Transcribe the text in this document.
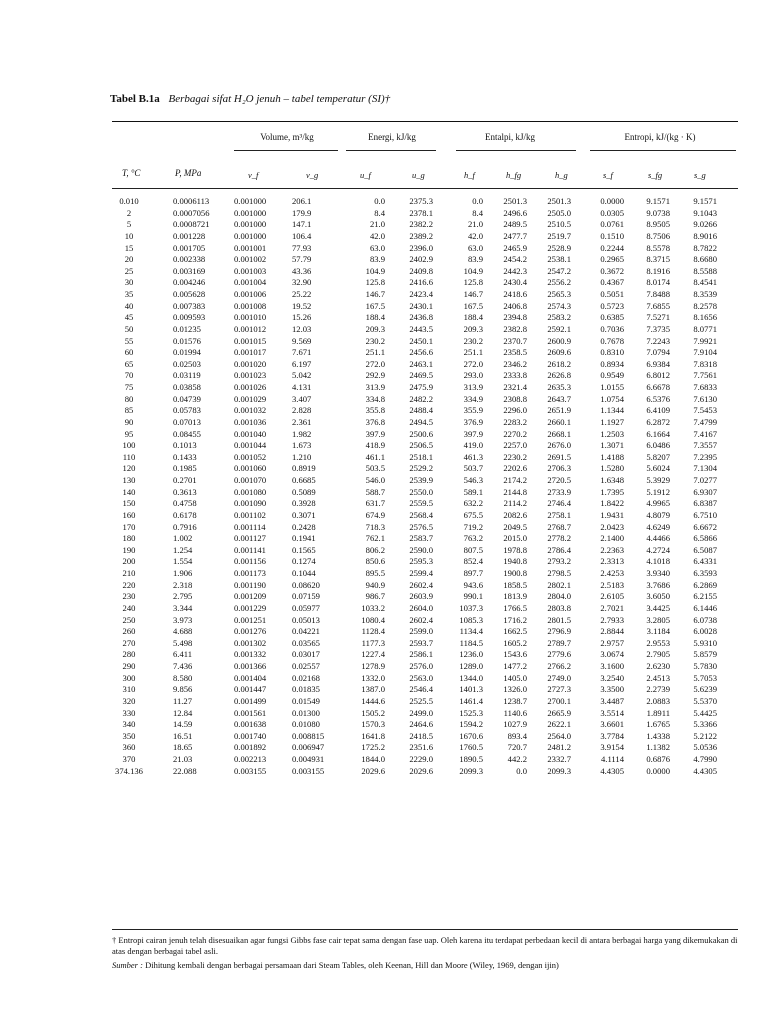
Tabel B.1a Berbagai sifat H₂O jenuh – tabel temperatur (SI)†
Volume, m³/kg	Energi, kJ/kg	Entalpi, kJ/kg	Entropi, kJ/(kg · K)
T, °C	P, MPa	v_f	v_g	u_f	u_g	h_f	h_fg	h_g	s_f	s_fg	s_g
0.010	0.0006113	0.001000	206.1	0.0	2375.3	0.0	2501.3	2501.3	0.0000	9.1571	9.1571
2	0.0007056	0.001000	179.9	8.4	2378.1	8.4	2496.6	2505.0	0.0305	9.0738	9.1043
5	0.0008721	0.001000	147.1	21.0	2382.2	21.0	2489.5	2510.5	0.0761	8.9505	9.0266
10	0.001228	0.001000	106.4	42.0	2389.2	42.0	2477.7	2519.7	0.1510	8.7506	8.9016
15	0.001705	0.001001	77.93	63.0	2396.0	63.0	2465.9	2528.9	0.2244	8.5578	8.7822
20	0.002338	0.001002	57.79	83.9	2402.9	83.9	2454.2	2538.1	0.2965	8.3715	8.6680
25	0.003169	0.001003	43.36	104.9	2409.8	104.9	2442.3	2547.2	0.3672	8.1916	8.5588
30	0.004246	0.001004	32.90	125.8	2416.6	125.8	2430.4	2556.2	0.4367	8.0174	8.4541
35	0.005628	0.001006	25.22	146.7	2423.4	146.7	2418.6	2565.3	0.5051	7.8488	8.3539
40	0.007383	0.001008	19.52	167.5	2430.1	167.5	2406.8	2574.3	0.5723	7.6855	8.2578
45	0.009593	0.001010	15.26	188.4	2436.8	188.4	2394.8	2583.2	0.6385	7.5271	8.1656
50	0.01235	0.001012	12.03	209.3	2443.5	209.3	2382.8	2592.1	0.7036	7.3735	8.0771
55	0.01576	0.001015	9.569	230.2	2450.1	230.2	2370.7	2600.9	0.7678	7.2243	7.9921
60	0.01994	0.001017	7.671	251.1	2456.6	251.1	2358.5	2609.6	0.8310	7.0794	7.9104
65	0.02503	0.001020	6.197	272.0	2463.1	272.0	2346.2	2618.2	0.8934	6.9384	7.8318
70	0.03119	0.001023	5.042	292.9	2469.5	293.0	2333.8	2626.8	0.9549	6.8012	7.7561
75	0.03858	0.001026	4.131	313.9	2475.9	313.9	2321.4	2635.3	1.0155	6.6678	7.6833
80	0.04739	0.001029	3.407	334.8	2482.2	334.9	2308.8	2643.7	1.0754	6.5376	7.6130
85	0.05783	0.001032	2.828	355.8	2488.4	355.9	2296.0	2651.9	1.1344	6.4109	7.5453
90	0.07013	0.001036	2.361	376.8	2494.5	376.9	2283.2	2660.1	1.1927	6.2872	7.4799
95	0.08455	0.001040	1.982	397.9	2500.6	397.9	2270.2	2668.1	1.2503	6.1664	7.4167
100	0.1013	0.001044	1.673	418.9	2506.5	419.0	2257.0	2676.0	1.3071	6.0486	7.3557
110	0.1433	0.001052	1.210	461.1	2518.1	461.3	2230.2	2691.5	1.4188	5.8207	7.2395
120	0.1985	0.001060	0.8919	503.5	2529.2	503.7	2202.6	2706.3	1.5280	5.6024	7.1304
130	0.2701	0.001070	0.6685	546.0	2539.9	546.3	2174.2	2720.5	1.6348	5.3929	7.0277
140	0.3613	0.001080	0.5089	588.7	2550.0	589.1	2144.8	2733.9	1.7395	5.1912	6.9307
150	0.4758	0.001090	0.3928	631.7	2559.5	632.2	2114.2	2746.4	1.8422	4.9965	6.8387
160	0.6178	0.001102	0.3071	674.9	2568.4	675.5	2082.6	2758.1	1.9431	4.8079	6.7510
170	0.7916	0.001114	0.2428	718.3	2576.5	719.2	2049.5	2768.7	2.0423	4.6249	6.6672
180	1.002	0.001127	0.1941	762.1	2583.7	763.2	2015.0	2778.2	2.1400	4.4466	6.5866
190	1.254	0.001141	0.1565	806.2	2590.0	807.5	1978.8	2786.4	2.2363	4.2724	6.5087
200	1.554	0.001156	0.1274	850.6	2595.3	852.4	1940.8	2793.2	2.3313	4.1018	6.4331
210	1.906	0.001173	0.1044	895.5	2599.4	897.7	1900.8	2798.5	2.4253	3.9340	6.3593
220	2.318	0.001190	0.08620	940.9	2602.4	943.6	1858.5	2802.1	2.5183	3.7686	6.2869
230	2.795	0.001209	0.07159	986.7	2603.9	990.1	1813.9	2804.0	2.6105	3.6050	6.2155
240	3.344	0.001229	0.05977	1033.2	2604.0	1037.3	1766.5	2803.8	2.7021	3.4425	6.1446
250	3.973	0.001251	0.05013	1080.4	2602.4	1085.3	1716.2	2801.5	2.7933	3.2805	6.0738
260	4.688	0.001276	0.04221	1128.4	2599.0	1134.4	1662.5	2796.9	2.8844	3.1184	6.0028
270	5.498	0.001302	0.03565	1177.3	2593.7	1184.5	1605.2	2789.7	2.9757	2.9553	5.9310
280	6.411	0.001332	0.03017	1227.4	2586.1	1236.0	1543.6	2779.6	3.0674	2.7905	5.8579
290	7.436	0.001366	0.02557	1278.9	2576.0	1289.0	1477.2	2766.2	3.1600	2.6230	5.7830
300	8.580	0.001404	0.02168	1332.0	2563.0	1344.0	1405.0	2749.0	3.2540	2.4513	5.7053
310	9.856	0.001447	0.01835	1387.0	2546.4	1401.3	1326.0	2727.3	3.3500	2.2739	5.6239
320	11.27	0.001499	0.01549	1444.6	2525.5	1461.4	1238.7	2700.1	3.4487	2.0883	5.5370
330	12.84	0.001561	0.01300	1505.2	2499.0	1525.3	1140.6	2665.9	3.5514	1.8911	5.4425
340	14.59	0.001638	0.01080	1570.3	2464.6	1594.2	1027.9	2622.1	3.6601	1.6765	5.3366
350	16.51	0.001740	0.008815	1641.8	2418.5	1670.6	893.4	2564.0	3.7784	1.4338	5.2122
360	18.65	0.001892	0.006947	1725.2	2351.6	1760.5	720.7	2481.2	3.9154	1.1382	5.0536
370	21.03	0.002213	0.004931	1844.0	2229.0	1890.5	442.2	2332.7	4.1114	0.6876	4.7990
374.136	22.088	0.003155	0.003155	2029.6	2029.6	2099.3	0.0	2099.3	4.4305	0.0000	4.4305
† Entropi cairan jenuh telah disesuaikan agar fungsi Gibbs fase cair tepat sama dengan fase uap. Oleh karena itu terdapat perbedaan kecil di antara berbagai harga yang dikemukakan di atas dengan berbagai tabel asli.
Sumber : Dihitung kembali dengan berbagai persamaan dari Steam Tables, oleh Keenan, Hill dan Moore (Wiley, 1969, dengan ijin)
